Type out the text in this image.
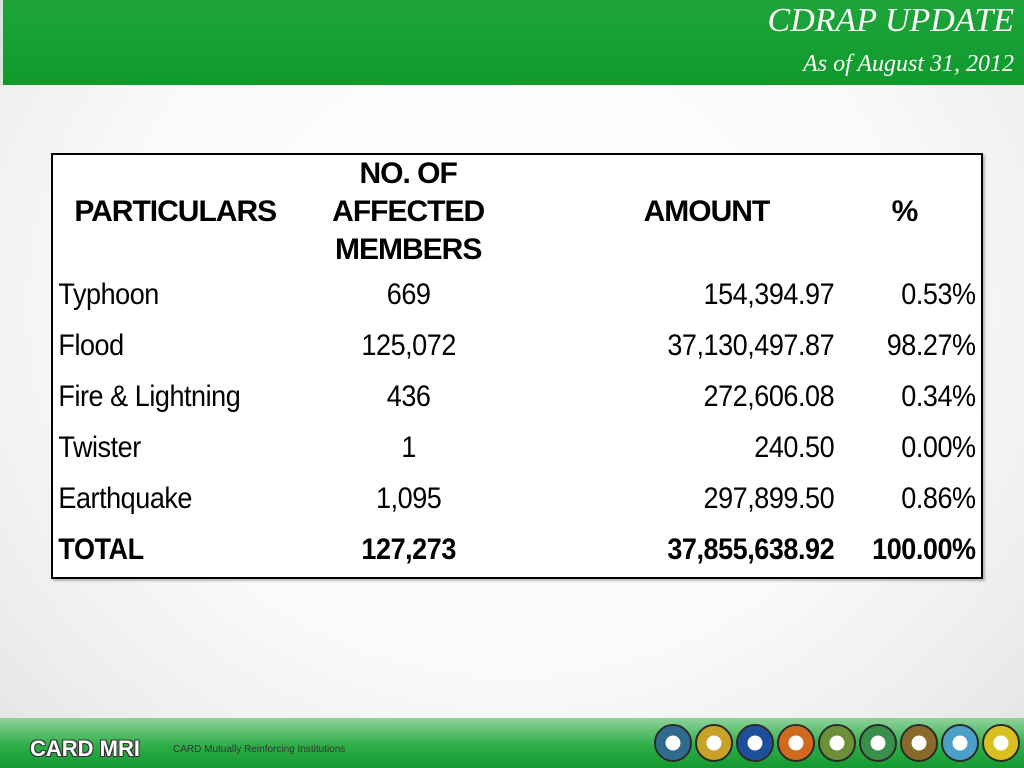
CDRAP UPDATE
As of August 31, 2012
PARTICULARS	NO. OF AFFECTED MEMBERS	AMOUNT	%
Typhoon	669	154,394.97	0.53%
Flood	125,072	37,130,497.87	98.27%
Fire & Lightning	436	272,606.08	0.34%
Twister	1	240.50	0.00%
Earthquake	1,095	297,899.50	0.86%
TOTAL	127,273	37,855,638.92	100.00%
CARD MRI	CARD Mutually Reinforcing Institutions
